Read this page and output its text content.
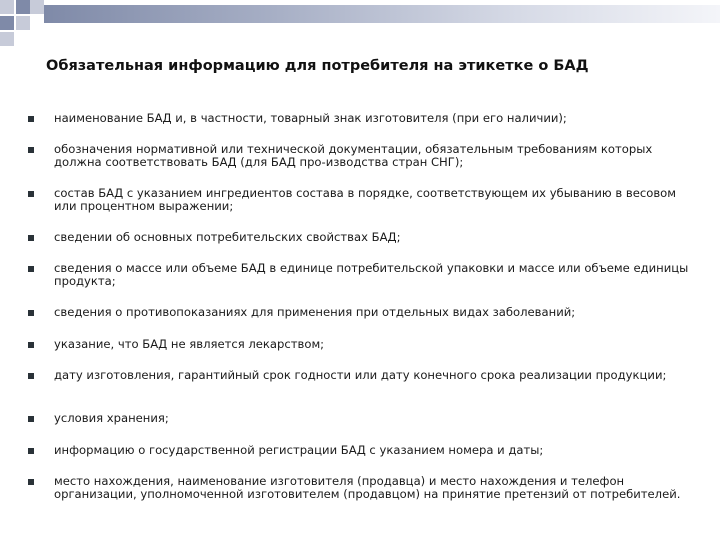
Обязательная информацию для потребителя на этикетке о БАД
наименование БАД и, в частности, товарный знак изготовителя (при его наличии);
обозначения нормативной или технической документации, обязательным требованиям которых должна соответствовать БАД (для БАД про-изводства стран СНГ);
состав БАД с указанием ингредиентов состава в порядке, соответствующем их убыванию в весовом или процентном выражении;
сведении об основных потребительских свойствах БАД;
сведения о массе или объеме БАД в единице потребительской упаковки и массе или объеме единицы продукта;
сведения о противопоказаниях для применения при отдельных видах заболеваний;
указание, что БАД не является лекарством;
дату изготовления, гарантийный срок годности или дату конечного срока реализации продукции;
условия хранения;
информацию о государственной регистрации БАД с указанием номера и даты;
место нахождения, наименование изготовителя (продавца) и место нахождения и телефон организации, уполномоченной изготовителем (продавцом) на принятие претензий от потребителей.
